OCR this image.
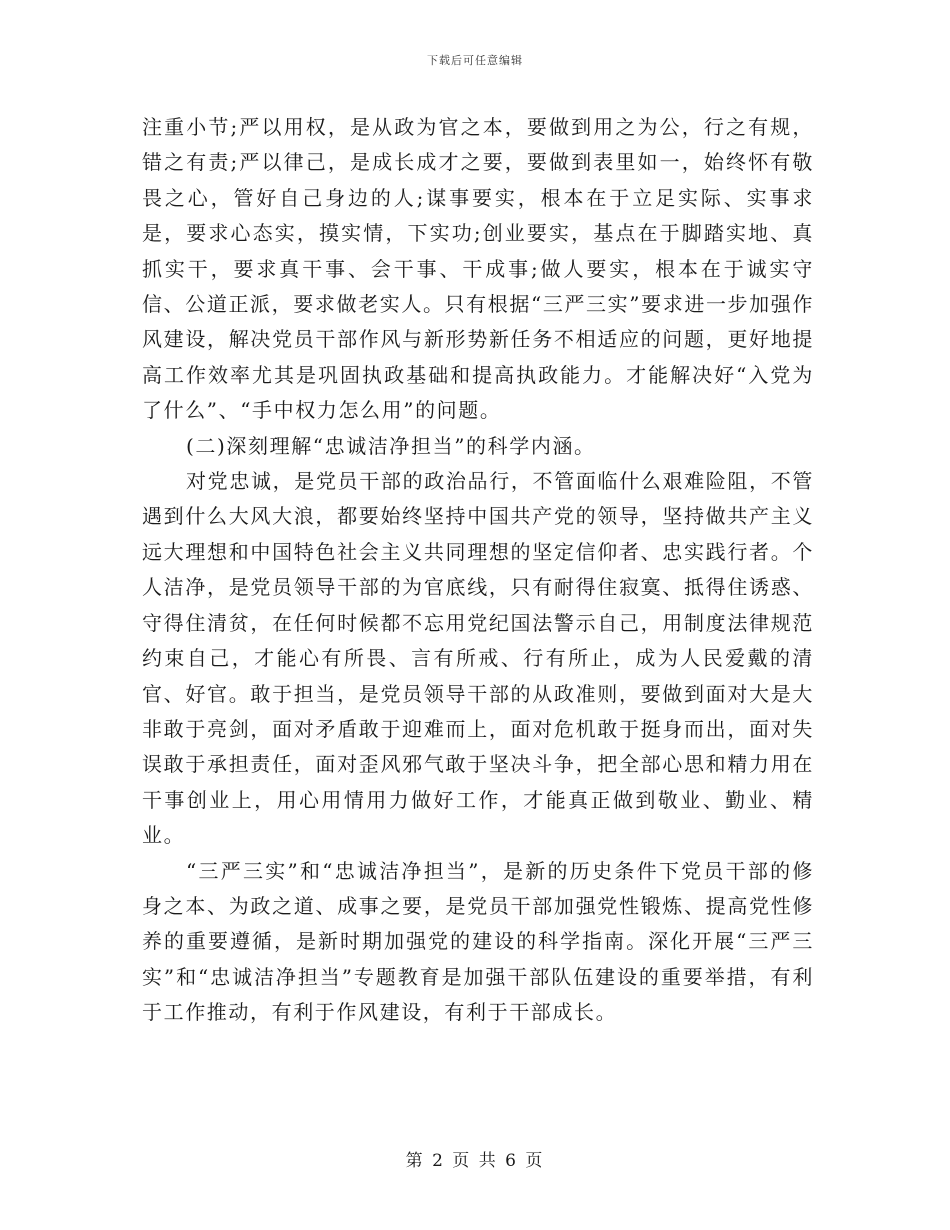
下载后可任意编辑

注重小节;严以用权，是从政为官之本，要做到用之为公，行之有规，错之有责;严以律己，是成长成才之要，要做到表里如一，始终怀有敬畏之心，管好自己身边的人;谋事要实，根本在于立足实际、实事求是，要求心态实，摸实情，下实功;创业要实，基点在于脚踏实地、真抓实干，要求真干事、会干事、干成事;做人要实，根本在于诚实守信、公道正派，要求做老实人。只有根据“三严三实”要求进一步加强作风建设，解决党员干部作风与新形势新任务不相适应的问题，更好地提高工作效率尤其是巩固执政基础和提高执政能力。才能解决好“入党为了什么”、“手中权力怎么用”的问题。

(二)深刻理解“忠诚洁净担当”的科学内涵。

对党忠诚，是党员干部的政治品行，不管面临什么艰难险阻，不管遇到什么大风大浪，都要始终坚持中国共产党的领导，坚持做共产主义远大理想和中国特色社会主义共同理想的坚定信仰者、忠实践行者。个人洁净，是党员领导干部的为官底线，只有耐得住寂寞、抵得住诱惑、守得住清贫，在任何时候都不忘用党纪国法警示自己，用制度法律规范约束自己，才能心有所畏、言有所戒、行有所止，成为人民爱戴的清官、好官。敢于担当，是党员领导干部的从政准则，要做到面对大是大非敢于亮剑，面对矛盾敢于迎难而上，面对危机敢于挺身而出，面对失误敢于承担责任，面对歪风邪气敢于坚决斗争，把全部心思和精力用在干事创业上，用心用情用力做好工作，才能真正做到敬业、勤业、精业。

“三严三实”和“忠诚洁净担当”，是新的历史条件下党员干部的修身之本、为政之道、成事之要，是党员干部加强党性锻炼、提高党性修养的重要遵循，是新时期加强党的建设的科学指南。深化开展“三严三实”和“忠诚洁净担当”专题教育是加强干部队伍建设的重要举措，有利于工作推动，有利于作风建设，有利于干部成长。

第 2 页 共 6 页
